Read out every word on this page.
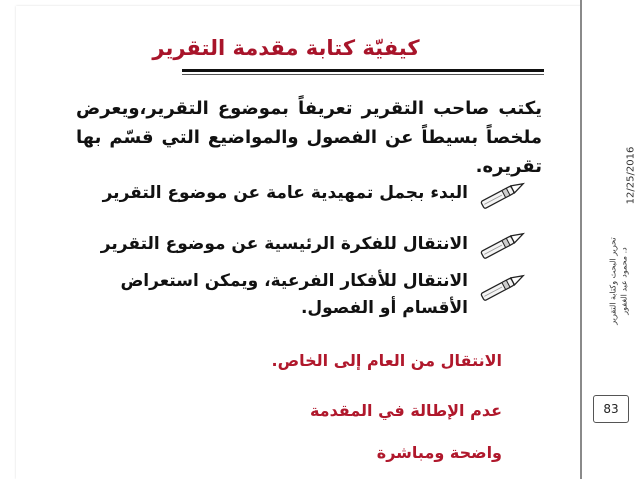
كيفيّة كتابة مقدمة التقرير
يكتب صاحب التقرير تعريفاً بموضوع التقرير،ويعرض ملخصاً بسيطاً عن الفصول والمواضيع التي قسّم بها تقريره.
البدء بجمل تمهيدية عامة عن موضوع التقرير
الانتقال للفكرة الرئيسية عن موضوع التقرير
الانتقال للأفكار الفرعية، ويمكن استعراض الأقسام أو الفصول.
الانتقال من العام إلى الخاص.
عدم الإطالة في المقدمة
واضحة ومباشرة
12/25/2016
تحرير البحث وكتابة التقرير د. محمود عبد الغفور
83
